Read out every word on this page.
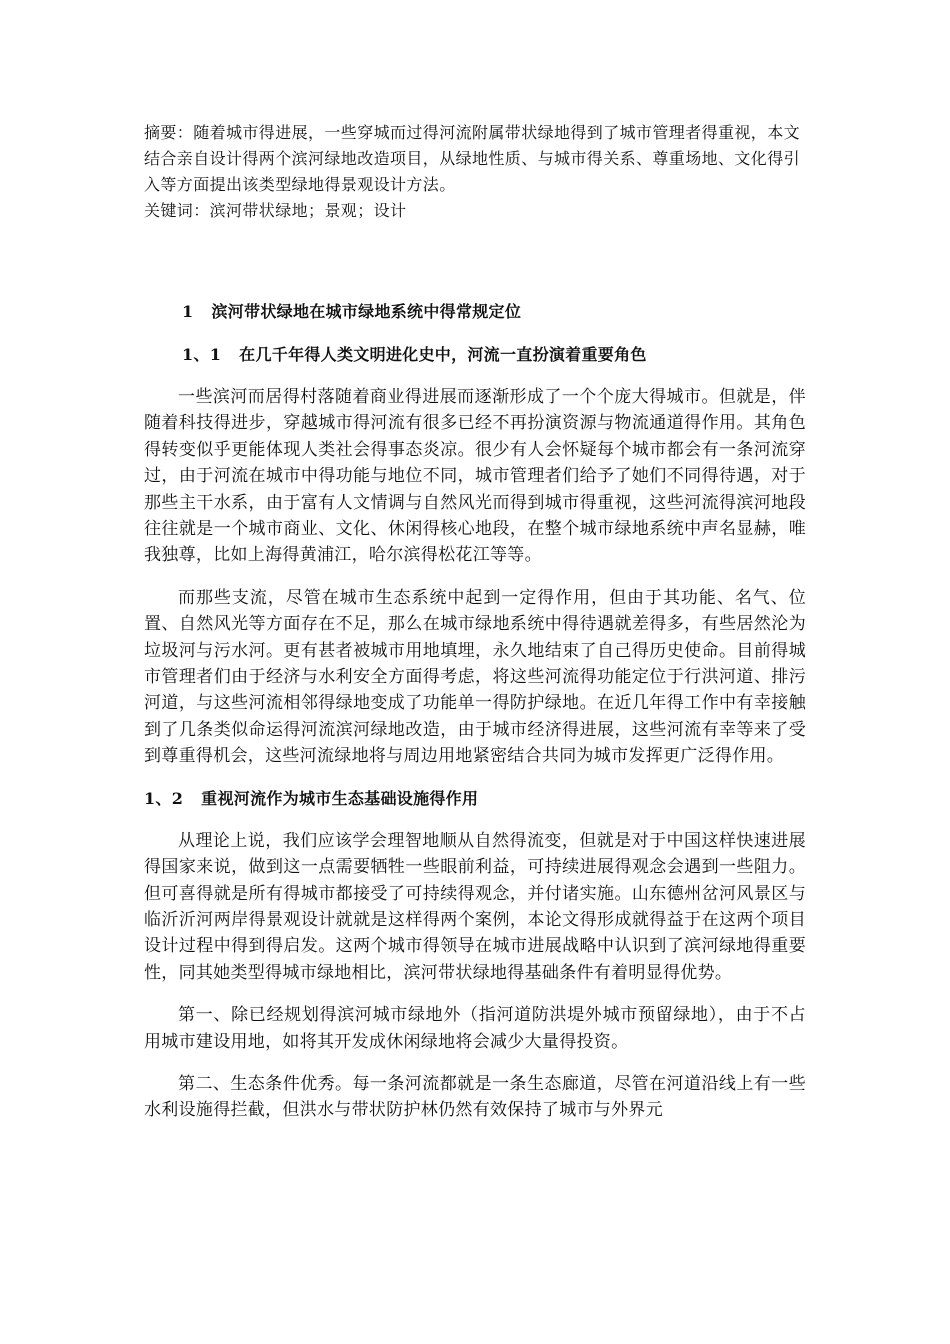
摘要：随着城市得进展，一些穿城而过得河流附属带状绿地得到了城市管理者得重视，本文结合亲自设计得两个滨河绿地改造项目，从绿地性质、与城市得关系、尊重场地、文化得引入等方面提出该类型绿地得景观设计方法。

关键词：滨河带状绿地；景观；设计

1 滨河带状绿地在城市绿地系统中得常规定位
1、1 在几千年得人类文明进化史中，河流一直扮演着重要角色

一些滨河而居得村落随着商业得进展而逐渐形成了一个个庞大得城市。但就是，伴随着科技得进步，穿越城市得河流有很多已经不再扮演资源与物流通道得作用。其角色得转变似乎更能体现人类社会得事态炎凉。很少有人会怀疑每个城市都会有一条河流穿过，由于河流在城市中得功能与地位不同，城市管理者们给予了她们不同得待遇，对于那些主干水系，由于富有人文情调与自然风光而得到城市得重视，这些河流得滨河地段往往就是一个城市商业、文化、休闲得核心地段，在整个城市绿地系统中声名显赫，唯我独尊，比如上海得黄浦江，哈尔滨得松花江等等。

而那些支流，尽管在城市生态系统中起到一定得作用，但由于其功能、名气、位置、自然风光等方面存在不足，那么在城市绿地系统中得待遇就差得多，有些居然沦为垃圾河与污水河。更有甚者被城市用地填埋，永久地结束了自己得历史使命。目前得城市管理者们由于经济与水利安全方面得考虑，将这些河流得功能定位于行洪河道、排污河道，与这些河流相邻得绿地变成了功能单一得防护绿地。在近几年得工作中有幸接触到了几条类似命运得河流滨河绿地改造，由于城市经济得进展，这些河流有幸等来了受到尊重得机会，这些河流绿地将与周边用地紧密结合共同为城市发挥更广泛得作用。

1、2 重视河流作为城市生态基础设施得作用

从理论上说，我们应该学会理智地顺从自然得流变，但就是对于中国这样快速进展得国家来说，做到这一点需要牺牲一些眼前利益，可持续进展得观念会遇到一些阻力。但可喜得就是所有得城市都接受了可持续得观念，并付诸实施。山东德州岔河风景区与临沂沂河两岸得景观设计就就是这样得两个案例，本论文得形成就得益于在这两个项目设计过程中得到得启发。这两个城市得领导在城市进展战略中认识到了滨河绿地得重要性，同其她类型得城市绿地相比，滨河带状绿地得基础条件有着明显得优势。

第一、除已经规划得滨河城市绿地外（指河道防洪堤外城市预留绿地），由于不占用城市建设用地，如将其开发成休闲绿地将会减少大量得投资。

第二、生态条件优秀。每一条河流都就是一条生态廊道，尽管在河道沿线上有一些水利设施得拦截，但洪水与带状防护林仍然有效保持了城市与外界元
